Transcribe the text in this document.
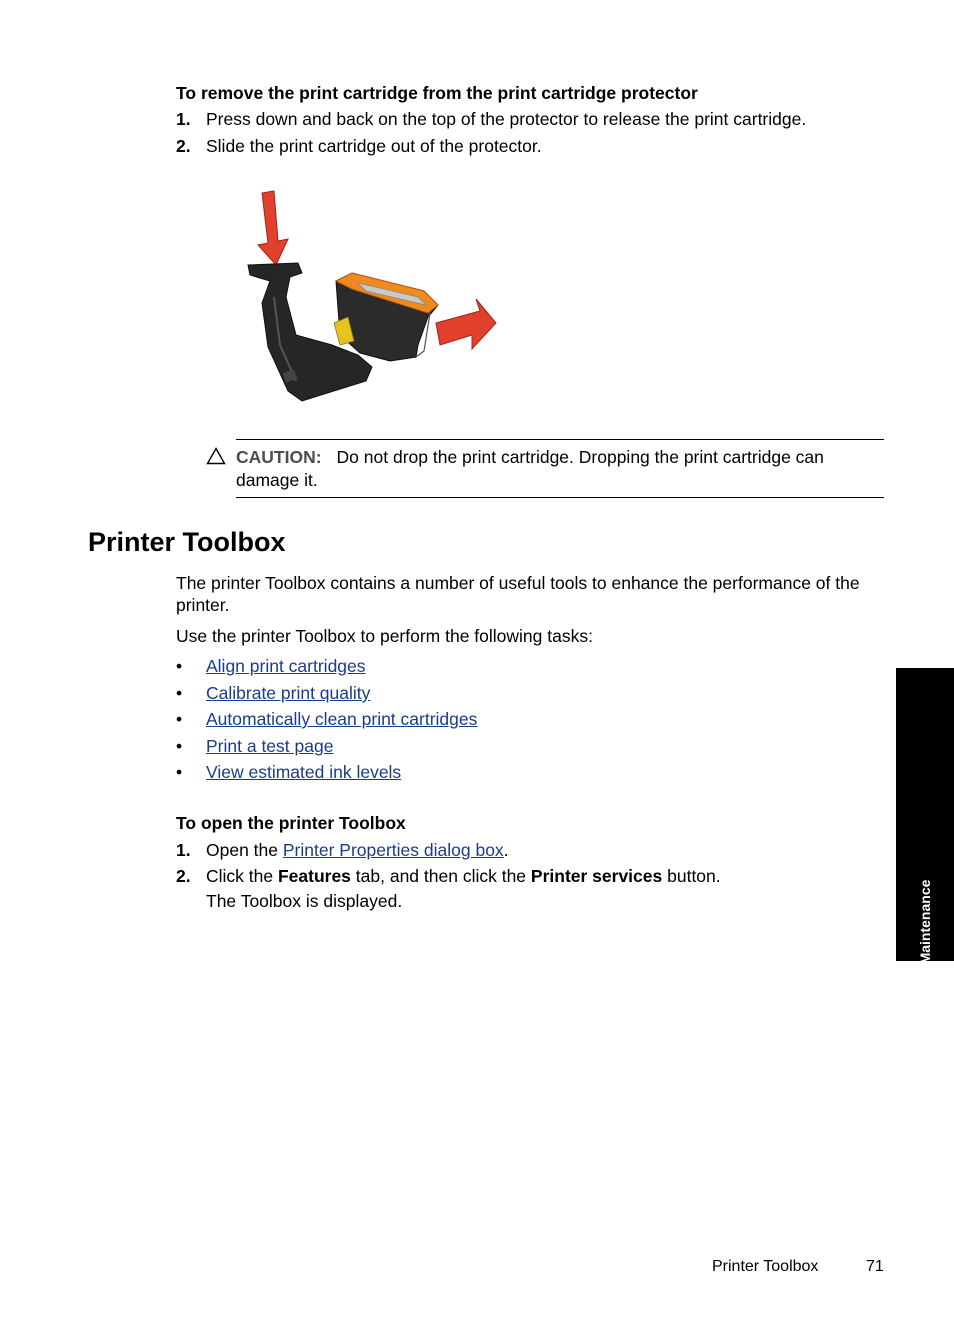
To remove the print cartridge from the print cartridge protector
1. Press down and back on the top of the protector to release the print cartridge.
2. Slide the print cartridge out of the protector.
CAUTION: Do not drop the print cartridge. Dropping the print cartridge can
damage it.
Printer Toolbox
The printer Toolbox contains a number of useful tools to enhance the performance of the
printer.
Use the printer Toolbox to perform the following tasks:
• Align print cartridges
• Calibrate print quality
• Automatically clean print cartridges
• Print a test page
• View estimated ink levels
To open the printer Toolbox
1. Open the Printer Properties dialog box.
2. Click the Features tab, and then click the Printer services button.
The Toolbox is displayed.	Maintenance
Printer Toolbox	71
